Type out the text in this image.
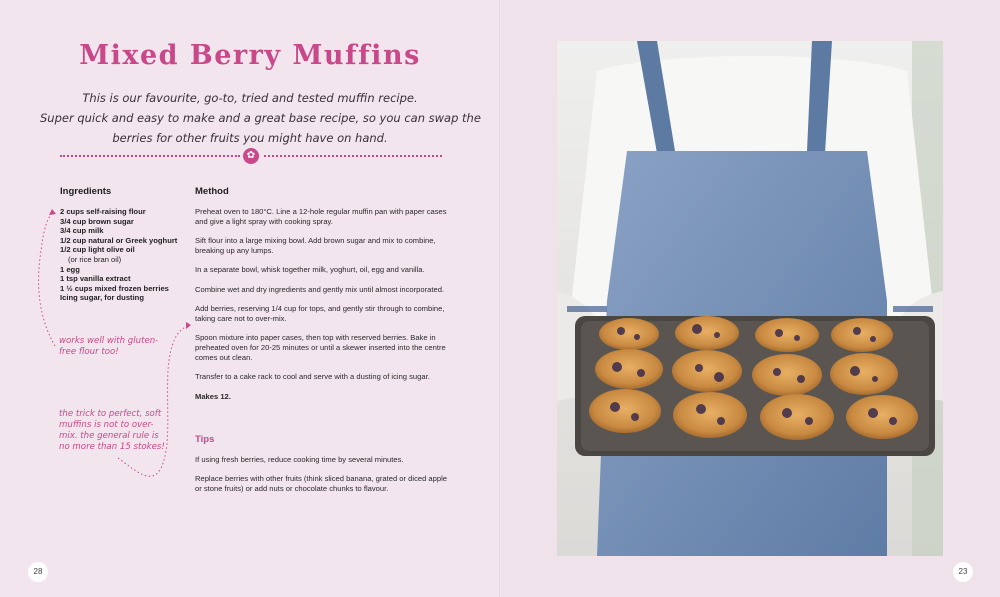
Mixed Berry Muffins
This is our favourite, go-to, tried and tested muffin recipe.
Super quick and easy to make and a great base recipe, so you can swap the
berries for other fruits you might have on hand.
✿
Ingredients
2 cups self-raising flour
3/4 cup brown sugar
3/4 cup milk
1/2 cup natural or Greek yoghurt
1/2 cup light olive oil
(or rice bran oil)
1 egg
1 tsp vanilla extract
1 ½ cups mixed frozen berries
Icing sugar, for dusting
Method

Preheat oven to 180°C. Line a 12-hole regular muffin pan with paper cases and give a light spray with cooking spray.

Sift flour into a large mixing bowl. Add brown sugar and mix to combine, breaking up any lumps.

In a separate bowl, whisk together milk, yoghurt, oil, egg and vanilla.

Combine wet and dry ingredients and gently mix until almost incorporated.

Add berries, reserving 1/4 cup for tops, and gently stir through to combine, taking care not to over-mix.

Spoon mixture into paper cases, then top with reserved berries. Bake in preheated oven for 20-25 minutes or until a skewer inserted into the centre comes out clean.

Transfer to a cake rack to cool and serve with a dusting of icing sugar.

Makes 12.

Tips

If using fresh berries, reduce cooking time by several minutes.

Replace berries with other fruits (think sliced banana, grated or diced apple or stone fruits) or add nuts or chocolate chunks to flavour.

works well with gluten-free flour too!
the trick to perfect, soft muffins is not to over-mix. the general rule is no more than 15 stokes!
28	23
